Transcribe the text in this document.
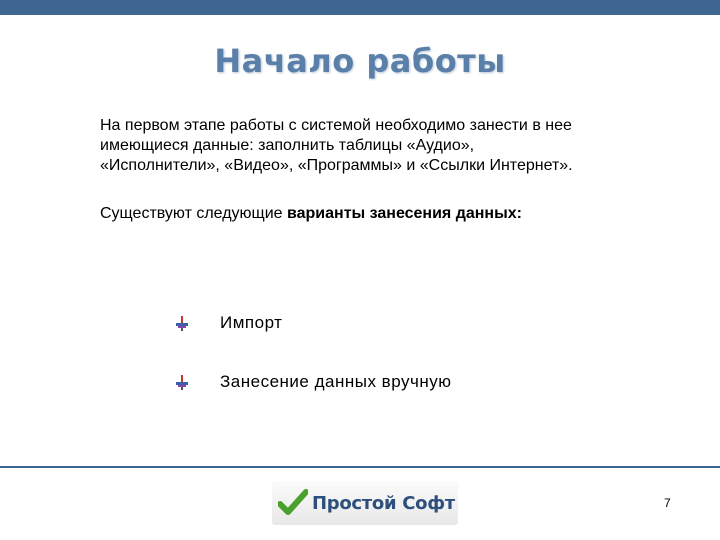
Начало работы
На первом этапе работы с системой необходимо занести в нее
имеющиеся данные: заполнить таблицы «Аудио»,
«Исполнители», «Видео», «Программы» и «Ссылки Интернет».
Существуют следующие варианты занесения данных:
Импорт
Занесение данных вручную
Простой Софт	7
